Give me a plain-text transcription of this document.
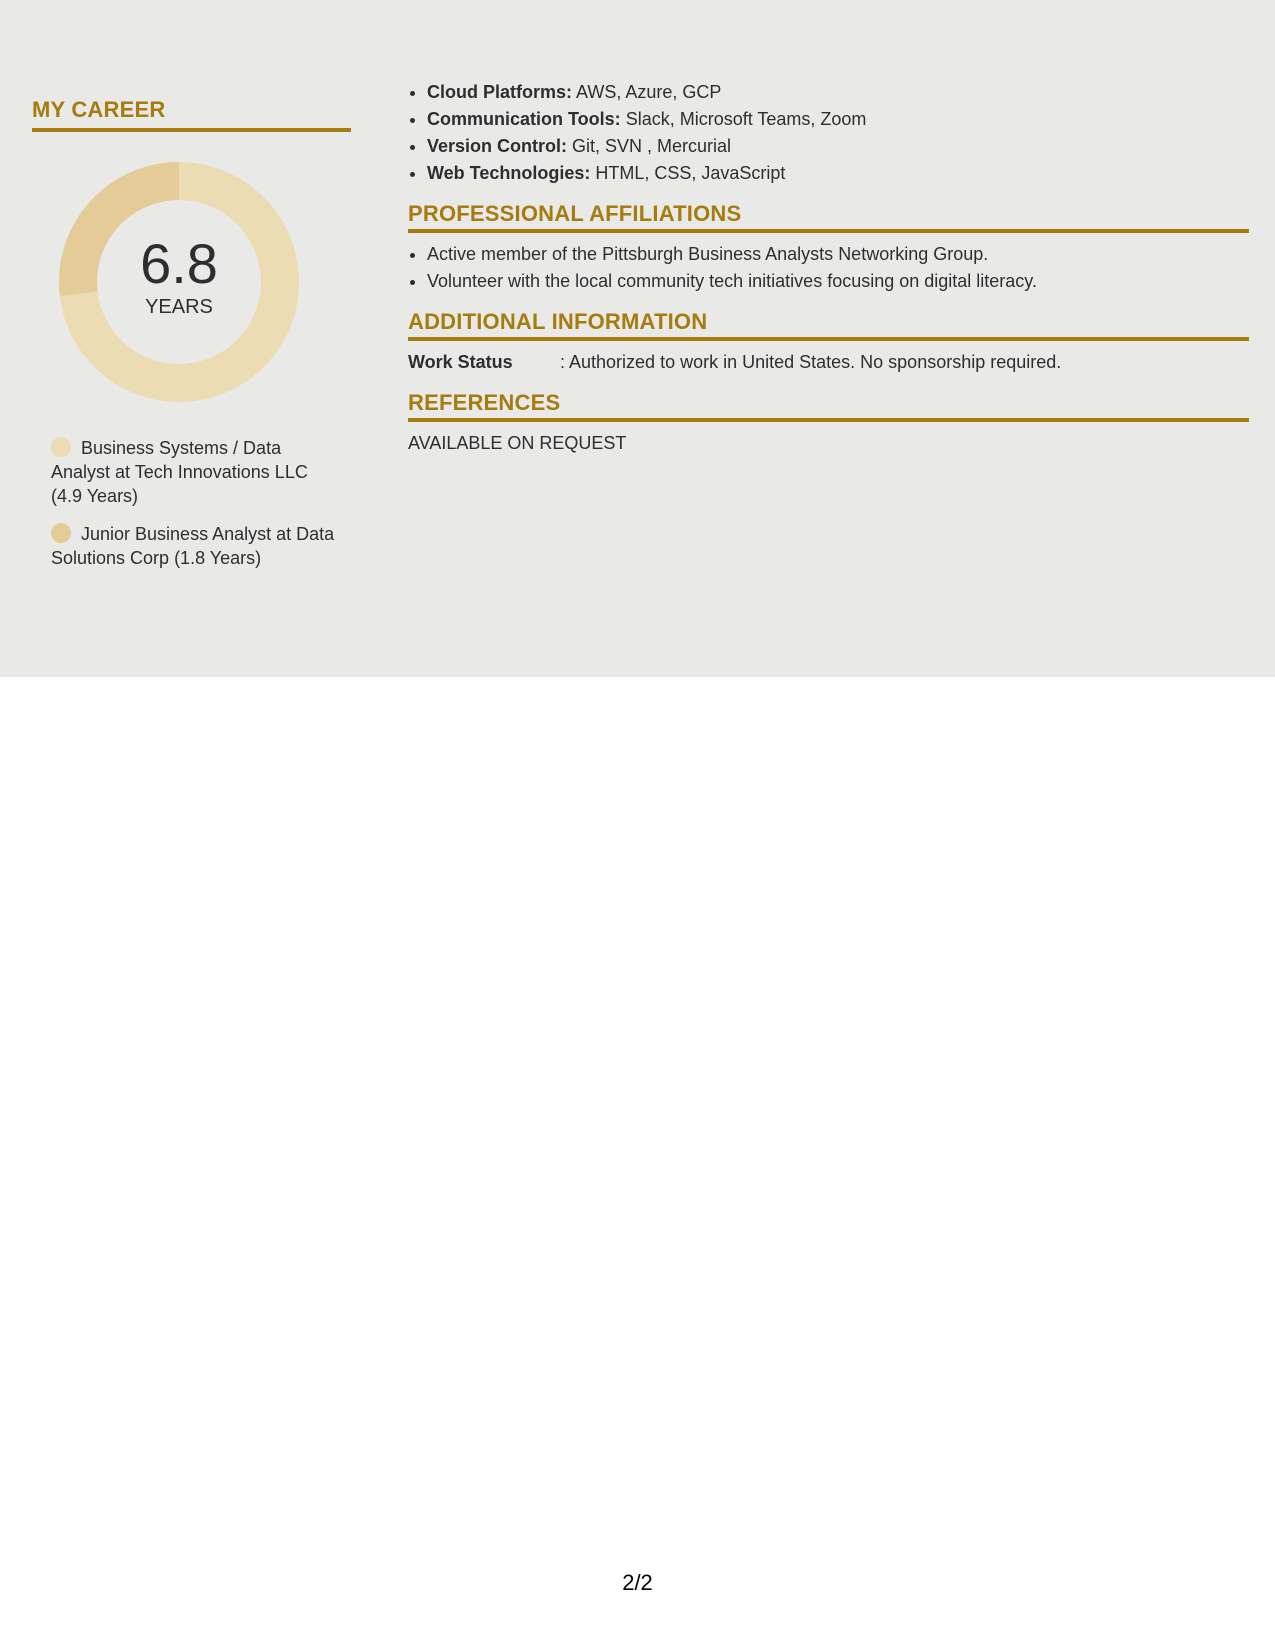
MY CAREER
6.8
YEARS
Business Systems / Data Analyst at Tech Innovations LLC (4.9 Years)
Junior Business Analyst at Data Solutions Corp (1.8 Years)
• Cloud Platforms: AWS, Azure, GCP
• Communication Tools: Slack, Microsoft Teams, Zoom
• Version Control: Git, SVN , Mercurial
• Web Technologies: HTML, CSS, JavaScript
PROFESSIONAL AFFILIATIONS
• Active member of the Pittsburgh Business Analysts Networking Group.
• Volunteer with the local community tech initiatives focusing on digital literacy.
ADDITIONAL INFORMATION
Work Status	: Authorized to work in United States. No sponsorship required.
REFERENCES
AVAILABLE ON REQUEST
2/2
